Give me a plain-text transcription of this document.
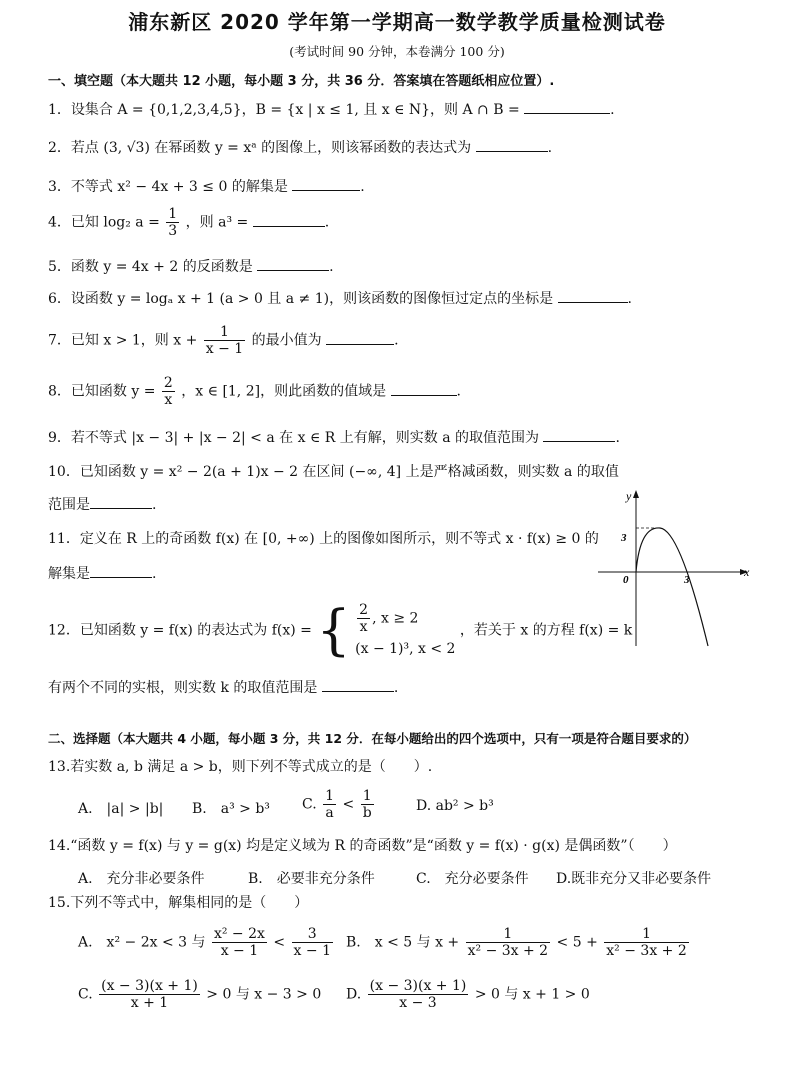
浦东新区 2020 学年第一学期高一数学教学质量检测试卷
(考试时间 90 分钟，本卷满分 100 分)
一、填空题（本大题共 12 小题，每小题 3 分，共 36 分．答案填在答题纸相应位置）.
1．设集合 A = {0,1,2,3,4,5}，B = {x | x ≤ 1, 且 x ∈ N}，则 A ∩ B =	.
2．若点 (3, √3) 在幂函数 y = xᵃ 的图像上，则该幂函数的表达式为	.
3．不等式 x² − 4x + 3 ≤ 0 的解集是	.
4．已知 log₂ $a = \frac{1}{3}$ ，则 a³ =	.
5．函数 y = 4x + 2 的反函数是	.
6．设函数 y = logₐ x + 1 (a > 0 且 a ≠ 1)，则该函数的图像恒过定点的坐标是	.
7．已知 x > 1，则 $x + \frac{1}{x - 1}$ 的最小值为	.
8．已知函数 $y = \frac{2}{x}$ ，x ∈ [1, 2]，则此函数的值域是	.
9．若不等式 |x − 3| + |x − 2| < a 在 x ∈ R 上有解，则实数 a 的取值范围为	.
10．已知函数 y = x² − 2(a + 1)x − 2 在区间 (−∞, 4] 上是严格减函数，则实数 a 的取值
范围是	.
11．定义在 R 上的奇函数 f(x) 在 [0, +∞) 上的图像如图所示，则不等式 x · f(x) ≥ 0 的
解集是	.
y
x
0
3
3
12．已知函数 y = f(x) 的表达式为 f(x) = { $\frac{2}{x}$ , x ≥ 2
(x − 1)³, x < 2
，若关于 x 的方程 f(x) = k
有两个不同的实根，则实数 k 的取值范围是	.
二、选择题（本大题共 4 小题，每小题 3 分，共 12 分．在每小题给出的四个选项中，只有一项是符合题目要求的）
13.若实数 a, b 满足 a > b，则下列不等式成立的是（　　）.
A.　|a| > |b| B.　a³ > b³ C. $\frac{1}{a} < \frac{1}{b}$	D. ab² > b³
14.“函数 y = f(x) 与 y = g(x) 均是定义域为 R 的奇函数”是“函数 y = f(x) · g(x) 是偶函数”（　　）
A.　充分非必要条件	B.　必要非充分条件	C.　充分必要条件 D.既非充分又非必要条件
15.下列不等式中，解集相同的是（　　）
A.　x² − 2x < 3 与 $\frac{\text{x² − 2x}}{x - 1} < \frac{3}{x - 1} B$.　x < 5 与 $x + \frac{1}{\text{x² − 3x + 2}} < 5 + \frac{1}{\text{x² − 3x + 2}}$
C. $\frac{(x - 3)(x + 1)}{x + 1} > 0$ 与 x − 3 > 0 D. $\frac{(x - 3)(x + 1)}{x - 3} > 0$ 与 x + 1 > 0
